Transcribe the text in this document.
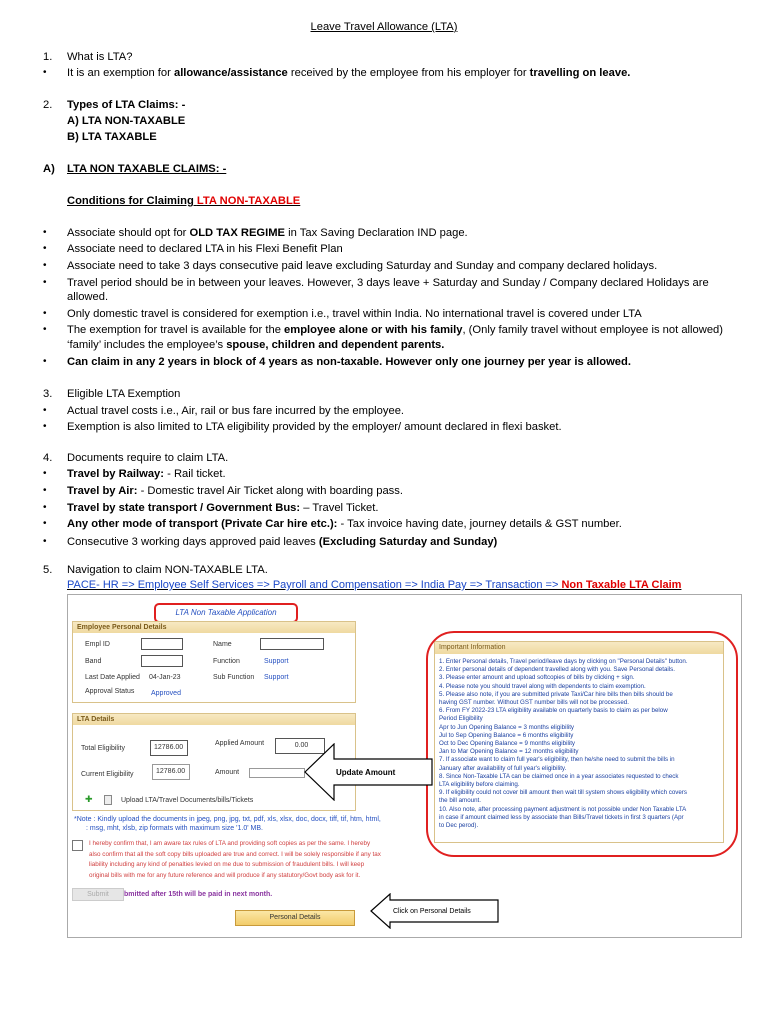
Leave Travel Allowance (LTA)
1. What is LTA?
• It is an exemption for allowance/assistance received by the employee from his employer for travelling on leave.
2. Types of LTA Claims: -
A) LTA NON-TAXABLE
B) LTA TAXABLE
A) LTA NON TAXABLE CLAIMS: -
Conditions for Claiming LTA NON-TAXABLE
• Associate should opt for OLD TAX REGIME in Tax Saving Declaration IND page.
• Associate need to declared LTA in his Flexi Benefit Plan
• Associate need to take 3 days consecutive paid leave excluding Saturday and Sunday and company declared holidays.
• Travel period should be in between your leaves. However, 3 days leave + Saturday and Sunday / Company declared Holidays are allowed.
• Only domestic travel is considered for exemption i.e., travel within India. No international travel is covered under LTA
• The exemption for travel is available for the employee alone or with his family, (Only family travel without employee is not allowed)
‘family’ includes the employee’s spouse, children and dependent parents.
• Can claim in any 2 years in block of 4 years as non-taxable. However only one journey per year is allowed.
3. Eligible LTA Exemption
• Actual travel costs i.e., Air, rail or bus fare incurred by the employee.
• Exemption is also limited to LTA eligibility provided by the employer/ amount declared in flexi basket.
4. Documents require to claim LTA.
• Travel by Railway: - Rail ticket.
• Travel by Air: - Domestic travel Air Ticket along with boarding pass.
• Travel by state transport / Government Bus: – Travel Ticket.
• Any other mode of transport (Private Car hire etc.): - Tax invoice having date, journey details & GST number.
• Consecutive 3 working days approved paid leaves (Excluding Saturday and Sunday)
5. Navigation to claim NON-TAXABLE LTA.
PACE- HR => Employee Self Services => Payroll and Compensation => India Pay => Transaction => Non Taxable LTA Claim
LTA Non Taxable Application
Employee Personal Details
Empl ID	Name
Band	Function	Support
Last Date Applied 04-Jan-23	Sub Function Support
Approval Status Approved
LTA Details
Total Eligibility	12786.00
Applied Amount	0.00
Current Eligibility	12786.00	Amount
✚	Upload LTA/Travel Documents/bills/Tickets
*Note : Kindly upload the documents in jpeg, png, jpg, txt, pdf, xls, xlsx, doc, docx, tiff, tif, htm, html,
: msg, mht, xlsb, zip formats with maximum size '1.0' MB.
I hereby confirm that, I am aware tax rules of LTA and providing soft copies as per the same. I hereby
also confirm that all the soft copy bills uploaded are true and correct. I will be solely responsible if any tax
liability including any kind of penalties levied on me due to submission of fraudulent bills. I will keep
original bills with me for any future reference and will produce if any statutory/Govt body ask for it.
Submit	bmitted after 15th will be paid in next month.
Personal Details
Important Information
1. Enter Personal details, Travel period/leave days by clicking on "Personal Details" button.
2. Enter personal details of dependent travelled along with you. Save Personal details.
3. Please enter amount and upload softcopies of bills by clicking + sign.
4. Please note you should travel along with dependents to claim exemption.
5. Please also note, if you are submitted private Taxi/Car hire bills then bills should be
having GST number. Without GST number bills will not be processed.
6. From FY 2022-23 LTA eligibility available on quarterly basis to claim as per below
Period Eligibility
Apr to Jun Opening Balance = 3 months eligibility
Jul to Sep Opening Balance = 6 months eligibility
Oct to Dec Opening Balance = 9 months eligibility
Jan to Mar Opening Balance = 12 months eligibility
7. If associate want to claim full year's eligibility, then he/she need to submit the bills in
January after availability of full year's eligibility.
8. Since Non-Taxable LTA can be claimed once in a year associates requested to check
LTA eligibility before claiming.
9. If eligibility could not cover bill amount then wait till system shows eligibility which covers
the bill amount.
10. Also note, after processing payment adjustment is not possible under Non Taxable LTA
in case if amount claimed less by associate than Bills/Travel tickets in first 3 quarters (Apr
to Dec perod).
Update Amount
Click on Personal Details
